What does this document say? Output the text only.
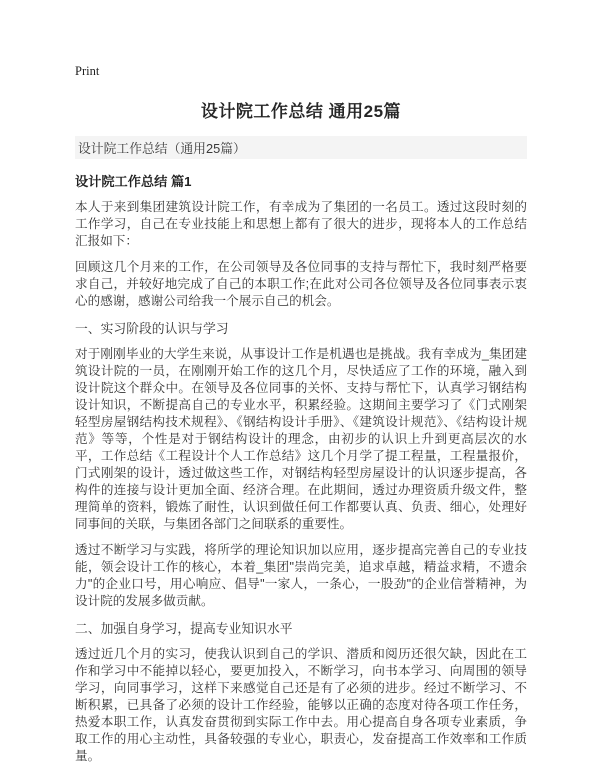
Print
设计院工作总结 通用25篇
设计院工作总结（通用25篇）
设计院工作总结 篇1

本人于来到集团建筑设计院工作，有幸成为了集团的一名员工。透过这段时刻的工作学习，自己在专业技能上和思想上都有了很大的进步，现将本人的工作总结汇报如下：

回顾这几个月来的工作，在公司领导及各位同事的支持与帮忙下，我时刻严格要求自己，并较好地完成了自己的本职工作;在此对公司各位领导及各位同事表示衷心的感谢，感谢公司给我一个展示自己的机会。

一、实习阶段的认识与学习

对于刚刚毕业的大学生来说，从事设计工作是机遇也是挑战。我有幸成为_集团建筑设计院的一员，在刚刚开始工作的这几个月，尽快适应了工作的环境，融入到设计院这个群众中。在领导及各位同事的关怀、支持与帮忙下，认真学习钢结构设计知识，不断提高自己的专业水平，积累经验。这期间主要学习了《门式刚架轻型房屋钢结构技术规程》、《钢结构设计手册》、《建筑设计规范》、《结构设计规范》等等，个性是对于钢结构设计的理念，由初步的认识上升到更高层次的水平，工作总结《工程设计个人工作总结》这几个月学了提工程量，工程量报价，门式刚架的设计，透过做这些工作，对钢结构轻型房屋设计的认识逐步提高，各构件的连接与设计更加全面、经济合理。在此期间，透过办理资质升级文件，整理简单的资料，锻炼了耐性，认识到做任何工作都要认真、负责、细心，处理好同事间的关联，与集团各部门之间联系的重要性。

透过不断学习与实践，将所学的理论知识加以应用，逐步提高完善自己的专业技能，领会设计工作的核心，本着_集团"崇尚完美，追求卓越，精益求精，不遗余力"的企业口号，用心响应、倡导"一家人，一条心，一股劲"的企业信誉精神，为设计院的发展多做贡献。

二、加强自身学习，提高专业知识水平

透过近几个月的实习，使我认识到自己的学识、潜质和阅历还很欠缺，因此在工作和学习中不能掉以轻心，要更加投入，不断学习，向书本学习、向周围的领导学习，向同事学习，这样下来感觉自己还是有了必须的进步。经过不断学习、不断积累，已具备了必须的设计工作经验，能够以正确的态度对待各项工作任务，热爱本职工作，认真发奋贯彻到实际工作中去。用心提高自身各项专业素质，争取工作的用心主动性，具备较强的专业心，职责心，发奋提高工作效率和工作质量。
